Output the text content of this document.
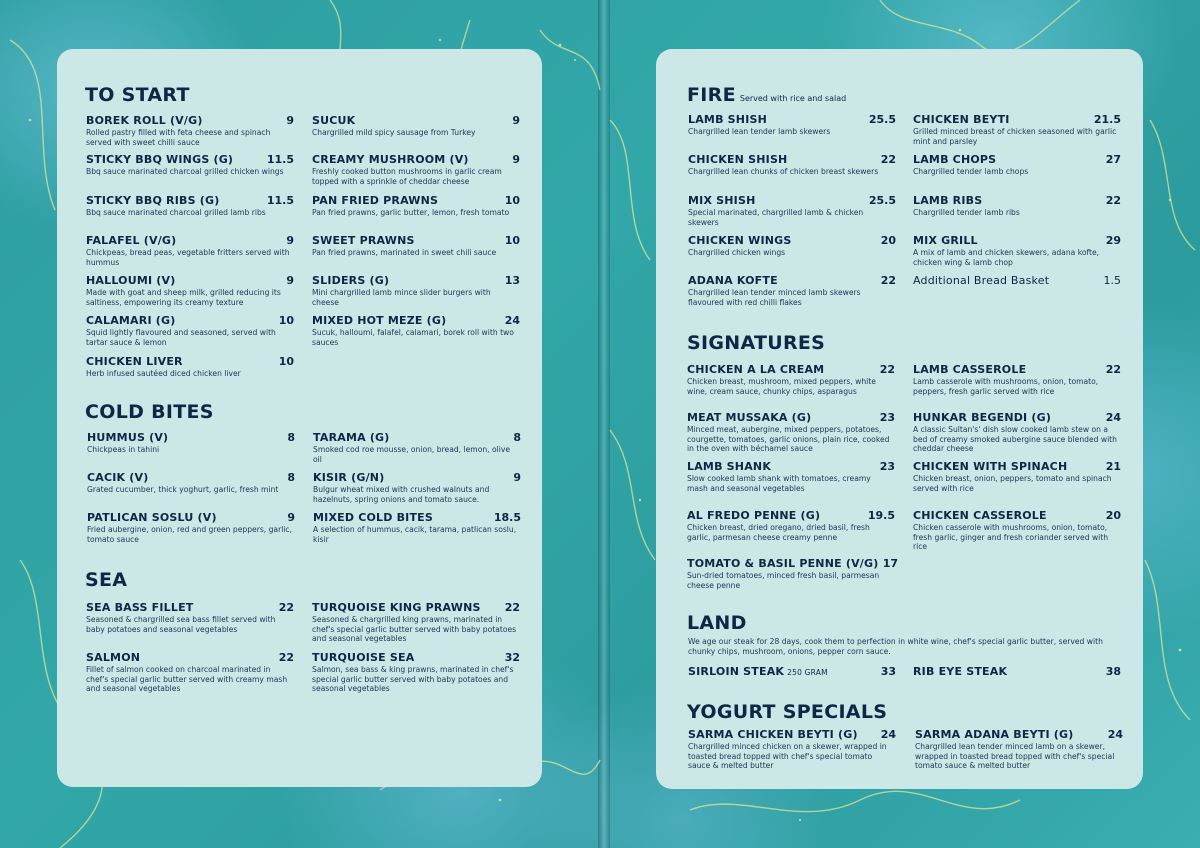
TO START
BOREK ROLL (V/G)	9
Rolled pastry filled with feta cheese and spinach served with sweet chilli sauce
SUCUK	9
Chargrilled mild spicy sausage from Turkey
STICKY BBQ WINGS (G)	11.5
Bbq sauce marinated charcoal grilled chicken wings
CREAMY MUSHROOM (V)	9
Freshly cooked button mushrooms in garlic cream topped with a sprinkle of cheddar cheese
STICKY BBQ RIBS (G)	11.5
Bbq sauce marinated charcoal grilled lamb ribs
PAN FRIED PRAWNS	10
Pan fried prawns, garlic butter, lemon, fresh tomato
FALAFEL (V/G)	9
Chickpeas, bread peas, vegetable fritters served with hummus
SWEET PRAWNS	10
Pan fried prawns, marinated in sweet chili sauce
HALLOUMI (V)	9
Made with goat and sheep milk, grilled reducing its saltiness, empowering its creamy texture
SLIDERS (G)	13
Mini chargrilled lamb mince slider burgers with cheese
CALAMARI (G)	10
Squid lightly flavoured and seasoned, served with tartar sauce & lemon
MIXED HOT MEZE (G)	24
Sucuk, halloumi, falafel, calamari, borek roll with two sauces
CHICKEN LIVER	10
Herb infused sautéed diced chicken liver
COLD BITES
HUMMUS (V)	8
Chickpeas in tahini
TARAMA (G)	8
Smoked cod roe mousse, onion, bread, lemon, olive oil
CACIK (V)	8
Grated cucumber, thick yoghurt, garlic, fresh mint
KISIR (G/N)	9
Bulgur wheat mixed with crushed walnuts and hazelnuts, spring onions and tomato sauce.
PATLICAN SOSLU (V)	9
Fried aubergine, onion, red and green peppers, garlic, tomato sauce
MIXED COLD BITES	18.5
A selection of hummus, cacik, tarama, patlican soslu, kisir
SEA
SEA BASS FILLET	22
Seasoned & chargrilled sea bass fillet served with baby potatoes and seasonal vegetables
TURQUOISE KING PRAWNS	22
Seasoned & chargrilled king prawns, marinated in chef's special garlic butter served with baby potatoes and seasonal vegetables
SALMON	22
Fillet of salmon cooked on charcoal marinated in chef's special garlic butter served with creamy mash and seasonal vegetables
TURQUOISE SEA	32
Salmon, sea bass & king prawns, marinated in chef's special garlic butter served with baby potatoes and seasonal vegetables
FIRE Served with rice and salad
LAMB SHISH	25.5
Chargrilled lean tender lamb skewers
CHICKEN BEYTI	21.5
Grilled minced breast of chicken seasoned with garlic mint and parsley
CHICKEN SHISH	22
Chargrilled lean chunks of chicken breast skewers
LAMB CHOPS	27
Chargrilled tender lamb chops
MIX SHISH	25.5
Special marinated, chargrilled lamb & chicken skewers
LAMB RIBS	22
Chargrilled tender lamb ribs
CHICKEN WINGS	20
Chargrilled chicken wings
MIX GRILL	29
A mix of lamb and chicken skewers, adana kofte, chicken wing & lamb chop
ADANA KOFTE	22
Chargrilled lean tender minced lamb skewers flavoured with red chilli flakes
Additional Bread Basket	1.5
SIGNATURES
CHICKEN A LA CREAM	22
Chicken breast, mushroom, mixed peppers, white wine, cream sauce, chunky chips, asparagus
LAMB CASSEROLE	22
Lamb casserole with mushrooms, onion, tomato, peppers, fresh garlic served with rice
MEAT MUSSAKA (G)	23
Minced meat, aubergine, mixed peppers, potatoes, courgette, tomatoes, garlic onions, plain rice, cooked in the oven with béchamel sauce
HUNKAR BEGENDI (G)	24
A classic Sultan's' dish slow cooked lamb stew on a bed of creamy smoked aubergine sauce blended with cheddar cheese
LAMB SHANK	23
Slow cooked lamb shank with tomatoes, creamy mash and seasonal vegetables
CHICKEN WITH SPINACH	21
Chicken breast, onion, peppers, tomato and spinach served with rice
AL FREDO PENNE (G)	19.5
Chicken breast, dried oregano, dried basil, fresh garlic, parmesan cheese creamy penne
CHICKEN CASSEROLE	20
Chicken casserole with mushrooms, onion, tomato, fresh garlic, ginger and fresh coriander served with rice
TOMATO & BASIL PENNE (V/G) 17
Sun-dried tomatoes, minced fresh basil, parmesan cheese penne
LAND
We age our steak for 28 days, cook them to perfection in white wine, chef's special garlic butter, served with chunky chips, mushroom, onions, pepper corn sauce.
SIRLOIN STEAK 250 GRAM	33 RIB EYE STEAK	38
YOGURT SPECIALS
SARMA CHICKEN BEYTI (G)	24
Chargrilled minced chicken on a skewer, wrapped in toasted bread topped with chef's special tomato sauce & melted butter
SARMA ADANA BEYTI (G)	24
Chargrilled lean tender minced lamb on a skewer, wrapped in toasted bread topped with chef's special tomato sauce & melted butter
